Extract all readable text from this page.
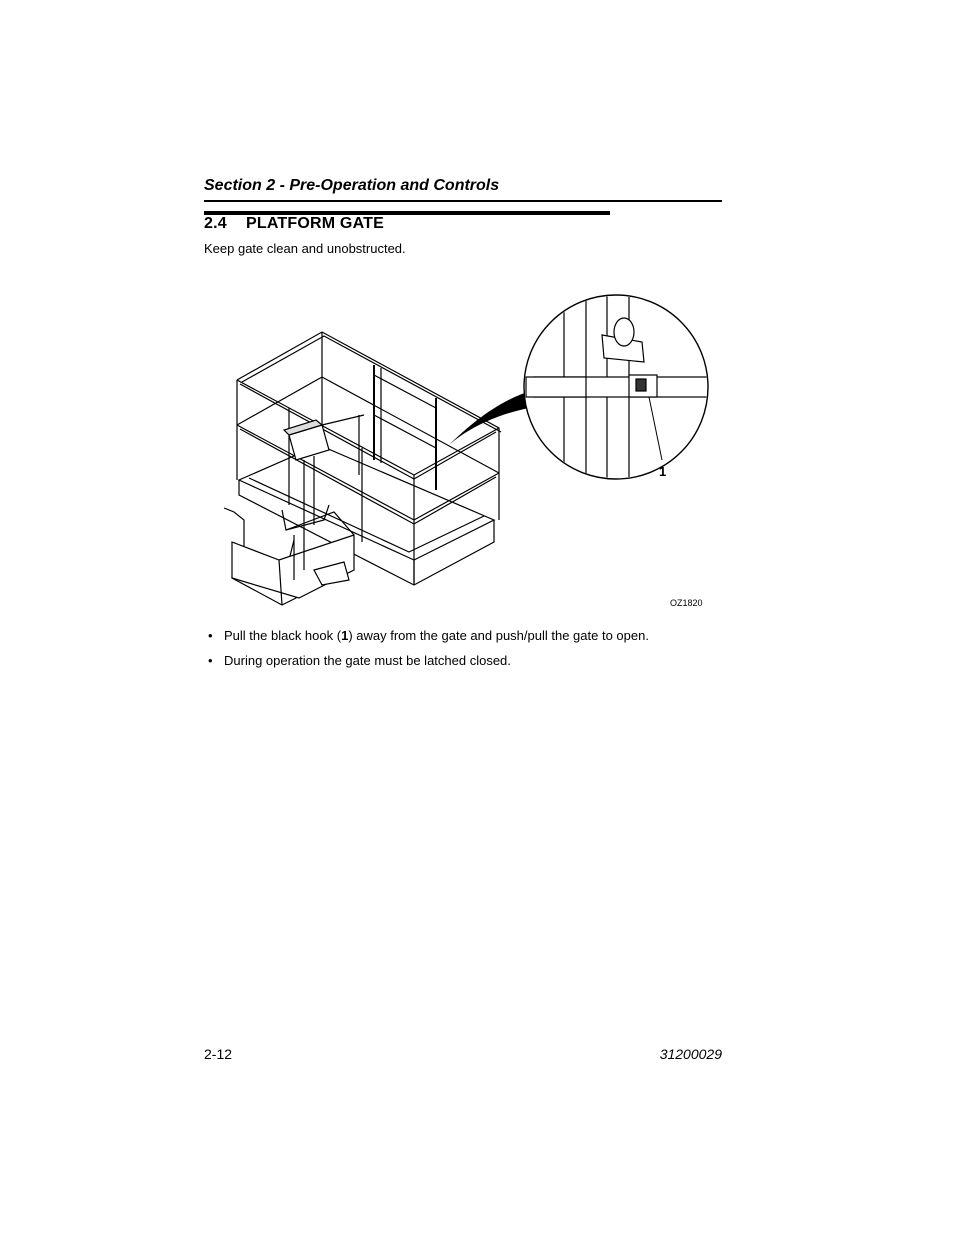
Section 2 - Pre-Operation and Controls
2.4 PLATFORM GATE
Keep gate clean and unobstructed.
1
OZ1820
• Pull the black hook (1) away from the gate and push/pull the gate to open.
• During operation the gate must be latched closed.
2-12	31200029
